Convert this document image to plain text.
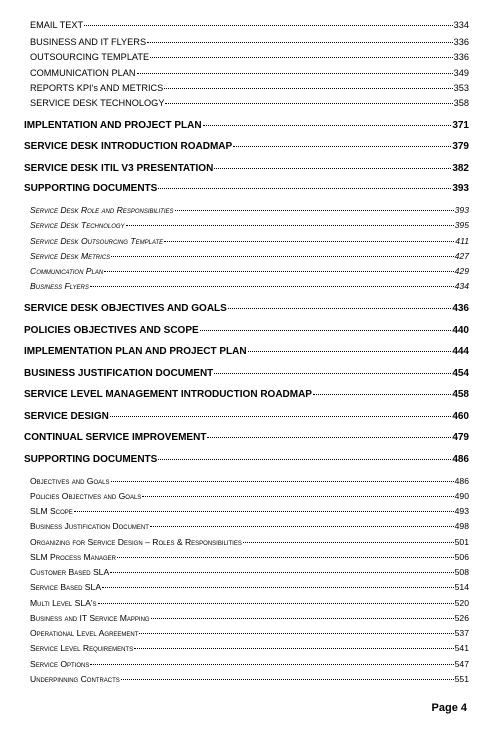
EMAIL TEXT	334
BUSINESS AND IT FLYERS	336
OUTSOURCING TEMPLATE	336
COMMUNICATION PLAN	349
REPORTS KPI's AND METRICS	353
SERVICE DESK TECHNOLOGY	358
IMPLENTATION AND PROJECT PLAN	371
SERVICE DESK INTRODUCTION ROADMAP	379
SERVICE DESK ITIL V3 PRESENTATION	382
SUPPORTING DOCUMENTS	393
Service Desk Role and Responsibilities	393
Service Desk Technology	395
Service Desk Outsourcing Template	411
Service Desk Metrics	427
Communication Plan	429
Business Flyers	434
SERVICE DESK OBJECTIVES AND GOALS	436
POLICIES OBJECTIVES AND SCOPE	440
IMPLEMENTATION PLAN AND PROJECT PLAN	444
BUSINESS JUSTIFICATION DOCUMENT	454
SERVICE LEVEL MANAGEMENT INTRODUCTION ROADMAP	458
SERVICE DESIGN	460
CONTINUAL SERVICE IMPROVEMENT	479
SUPPORTING DOCUMENTS	486
Objectives and Goals	486
Policies Objectives and Goals	490
SLM Scope	493
Business Justification Document	498
Organizing for Service Design – Roles & Responsibilities	501
SLM Process Manager	506
Customer Based SLA	508
Service Based SLA	514
Multi Level SLA's	520
Business and IT Service Mapping	526
Operational Level Agreement	537
Service Level Requirements	541
Service Options	547
Underpinning Contracts	551
Page 4
